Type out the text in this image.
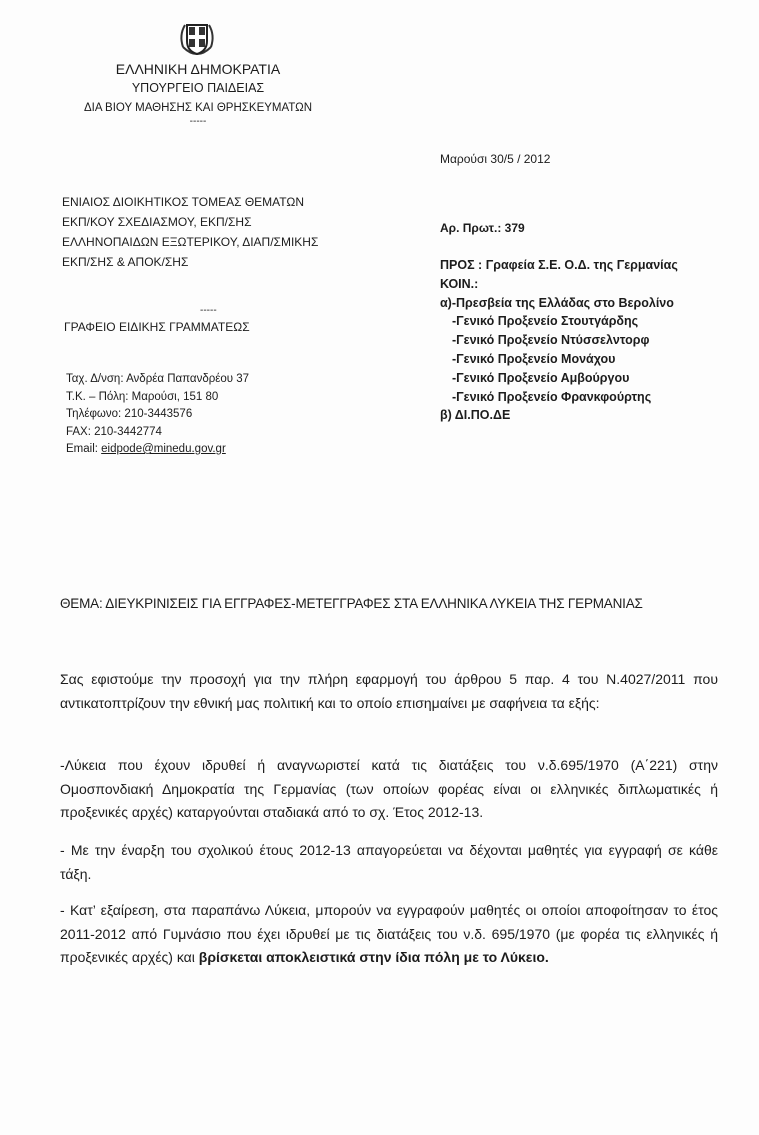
ΕΛΛΗΝΙΚΗ ΔΗΜΟΚΡΑΤΙΑ
ΥΠΟΥΡΓΕΙΟ ΠΑΙΔΕΙΑΣ
ΔΙΑ ΒΙΟΥ ΜΑΘΗΣΗΣ ΚΑΙ ΘΡΗΣΚΕΥΜΑΤΩΝ
-----
ΕΝΙΑΙΟΣ ΔΙΟΙΚΗΤΙΚΟΣ ΤΟΜΕΑΣ ΘΕΜΑΤΩΝ
ΕΚΠ/ΚΟΥ ΣΧΕΔΙΑΣΜΟΥ, ΕΚΠ/ΣΗΣ
ΕΛΛΗΝΟΠΑΙΔΩΝ ΕΞΩΤΕΡΙΚΟΥ, ΔΙΑΠ/ΣΜΙΚΗΣ
ΕΚΠ/ΣΗΣ & ΑΠΟΚ/ΣΗΣ
-----
ΓΡΑΦΕΙΟ ΕΙΔΙΚΗΣ ΓΡΑΜΜΑΤΕΩΣ
Ταχ. Δ/νση: Ανδρέα Παπανδρέου 37
Τ.Κ. – Πόλη: Μαρούσι, 151 80
Τηλέφωνο: 210-3443576
FAX: 210-3442774
Email: eidpode@minedu.gov.gr
Μαρούσι 30/5 / 2012
Αρ. Πρωτ.: 379
ΠΡΟΣ : Γραφεία Σ.Ε. Ο.Δ. της Γερμανίας
ΚΟΙΝ.:
α)-Πρεσβεία της Ελλάδας στο Βερολίνο
-Γενικό Προξενείο Στουτγάρδης
-Γενικό Προξενείο Ντύσσελντορφ
-Γενικό Προξενείο Μονάχου
-Γενικό Προξενείο Αμβούργου
-Γενικό Προξενείο Φρανκφούρτης
β) ΔΙ.ΠΟ.ΔΕ
ΘΕΜΑ: ΔΙΕΥΚΡΙΝΙΣΕΙΣ ΓΙΑ ΕΓΓΡΑΦΕΣ-ΜΕΤΕΓΓΡΑΦΕΣ ΣΤΑ ΕΛΛΗΝΙΚΑ ΛΥΚΕΙΑ ΤΗΣ ΓΕΡΜΑΝΙΑΣ
Σας εφιστούμε την προσοχή για την πλήρη εφαρμογή του άρθρου 5 παρ. 4 του Ν.4027/2011 που αντικατοπτρίζουν την εθνική μας πολιτική και το οποίο επισημαίνει με σαφήνεια τα εξής:
-Λύκεια που έχουν ιδρυθεί ή αναγνωριστεί κατά τις διατάξεις του ν.δ.695/1970 (Α΄221) στην Ομοσπονδιακή Δημοκρατία της Γερμανίας (των οποίων φορέας είναι οι ελληνικές διπλωματικές ή προξενικές αρχές) καταργούνται σταδιακά από το σχ. Έτος 2012-13.
- Με την έναρξη του σχολικού έτους 2012-13 απαγορεύεται να δέχονται μαθητές για εγγραφή σε κάθε τάξη.
- Κατ’ εξαίρεση, στα παραπάνω Λύκεια, μπορούν να εγγραφούν μαθητές οι οποίοι αποφοίτησαν το έτος 2011-2012 από Γυμνάσιο που έχει ιδρυθεί με τις διατάξεις του ν.δ. 695/1970 (με φορέα τις ελληνικές ή προξενικές αρχές) και βρίσκεται αποκλειστικά στην ίδια πόλη με το Λύκειο.
